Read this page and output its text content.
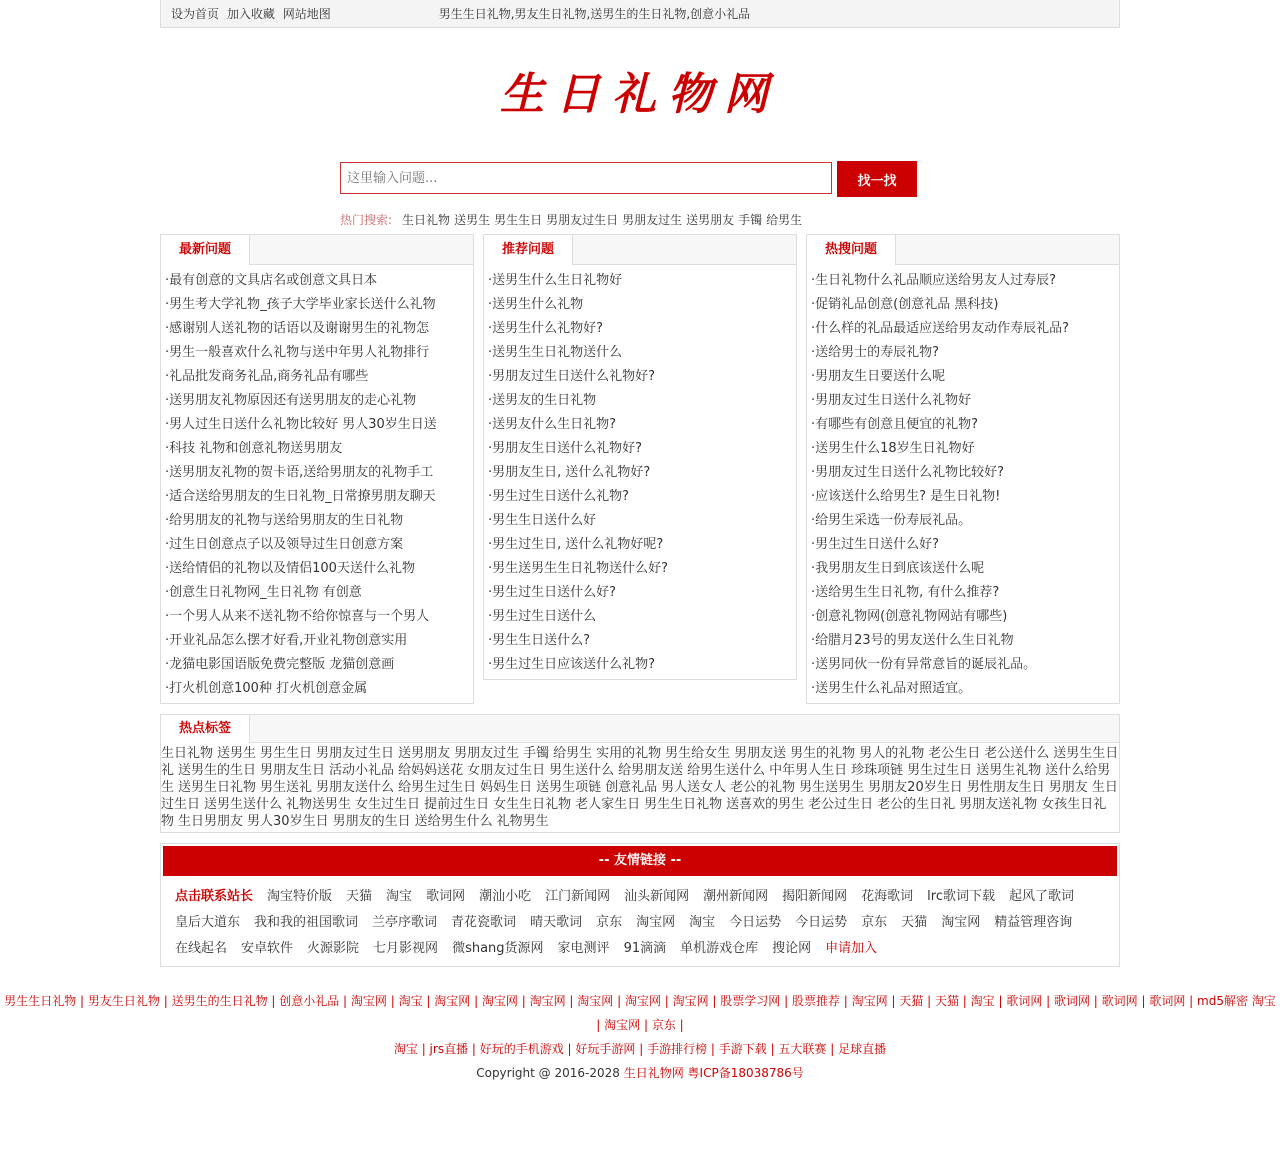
设为首页 加入收藏 网站地图	男生生日礼物,男友生日礼物,送男生的生日礼物,创意小礼品
生日礼物网
这里输入问题...
找一找
热门搜索: 生日礼物 送男生 男生生日 男朋友过生日 男朋友过生 送男朋友 手镯 给男生
最新问题
·最有创意的文具店名或创意文具日本
·男生考大学礼物_孩子大学毕业家长送什么礼物
·感谢别人送礼物的话语以及谢谢男生的礼物怎
·男生一般喜欢什么礼物与送中年男人礼物排行
·礼品批发商务礼品,商务礼品有哪些
·送男朋友礼物原因还有送男朋友的走心礼物
·男人过生日送什么礼物比较好 男人30岁生日送
·科技 礼物和创意礼物送男朋友
·送男朋友礼物的贺卡语,送给男朋友的礼物手工
·适合送给男朋友的生日礼物_日常撩男朋友聊天
·给男朋友的礼物与送给男朋友的生日礼物
·过生日创意点子以及领导过生日创意方案
·送给情侣的礼物以及情侣100天送什么礼物
·创意生日礼物网_生日礼物 有创意
·一个男人从来不送礼物不给你惊喜与一个男人
·开业礼品怎么摆才好看,开业礼物创意实用
·龙猫电影国语版免费完整版 龙猫创意画
·打火机创意100种 打火机创意金属
推荐问题
·送男生什么生日礼物好
·送男生什么礼物
·送男生什么礼物好?
·送男生生日礼物送什么
·男朋友过生日送什么礼物好?
·送男友的生日礼物
·送男友什么生日礼物?
·男朋友生日送什么礼物好?
·男朋友生日, 送什么礼物好?
·男生过生日送什么礼物?
·男生生日送什么好
·男生过生日, 送什么礼物好呢?
·男生送男生生日礼物送什么好?
·男生过生日送什么好?
·男生过生日送什么
·男生生日送什么?
·男生过生日应该送什么礼物?
热搜问题
·生日礼物什么礼品顺应送给男友人过寿辰?
·促销礼品创意(创意礼品 黑科技)
·什么样的礼品最适应送给男友动作寿辰礼品?
·送给男士的寿辰礼物?
·男朋友生日要送什么呢
·男朋友过生日送什么礼物好
·有哪些有创意且便宜的礼物?
·送男生什么18岁生日礼物好
·男朋友过生日送什么礼物比较好?
·应该送什么给男生? 是生日礼物!
·给男生采选一份寿辰礼品。
·男生过生日送什么好?
·我男朋友生日到底该送什么呢
·送给男生生日礼物, 有什么推荐?
·创意礼物网(创意礼物网站有哪些)
·给腊月23号的男友送什么生日礼物
·送男同伙一份有异常意旨的诞辰礼品。
·送男生什么礼品对照适宜。
热点标签
生日礼物 送男生 男生生日 男朋友过生日 送男朋友 男朋友过生 手镯 给男生 实用的礼物 男生给女生 男朋友送 男生的礼物 男人的礼物 老公生日 老公送什么 送男生生日礼 送男生的生日 男朋友生日 活动小礼品 给妈妈送花 女朋友过生日 男生送什么 给男朋友送 给男生送什么 中年男人生日 珍珠项链 男生过生日 送男生礼物 送什么给男生 送男生日礼物 男生送礼 男朋友送什么 给男生过生日 妈妈生日 送男生项链 创意礼品 男人送女人 老公的礼物 男生送男生 男朋友20岁生日 男性朋友生日 男朋友 生日过生日 送男生送什么 礼物送男生 女生过生日 提前过生日 女生生日礼物 老人家生日 男生生日礼物 送喜欢的男生 老公过生日 老公的生日礼 男朋友送礼物 女孩生日礼物 生日男朋友 男人30岁生日 男朋友的生日 送给男生什么 礼物男生
-- 友情链接 --
点击联系站长 淘宝特价版 天猫 淘宝 歌词网 潮汕小吃 江门新闻网 汕头新闻网 潮州新闻网 揭阳新闻网 花海歌词 lrc歌词下载 起风了歌词
皇后大道东 我和我的祖国歌词 兰亭序歌词 青花瓷歌词 晴天歌词 京东 淘宝网 淘宝 今日运势 今日运势 京东 天猫 淘宝网 精益管理咨询
在线起名 安卓软件 火源影院 七月影视网 微shang货源网 家电测评 91滴滴 单机游戏仓库 搜论网 申请加入
男生生日礼物 | 男友生日礼物 | 送男生的生日礼物 | 创意小礼品 | 淘宝网 | 淘宝 | 淘宝网 | 淘宝网 | 淘宝网 | 淘宝网 | 淘宝网 | 淘宝网 | 股票学习网 | 股票推荐 | 淘宝网 | 天猫 | 天猫 | 淘宝 | 歌词网 | 歌词网 | 歌词网 | 歌词网 | md5解密 淘宝 | 淘宝网 | 京东 |
淘宝 | jrs直播 | 好玩的手机游戏 | 好玩手游网 | 手游排行榜 | 手游下载 | 五大联赛 | 足球直播
Copyright @ 2016-2028 生日礼物网 粤ICP备18038786号
